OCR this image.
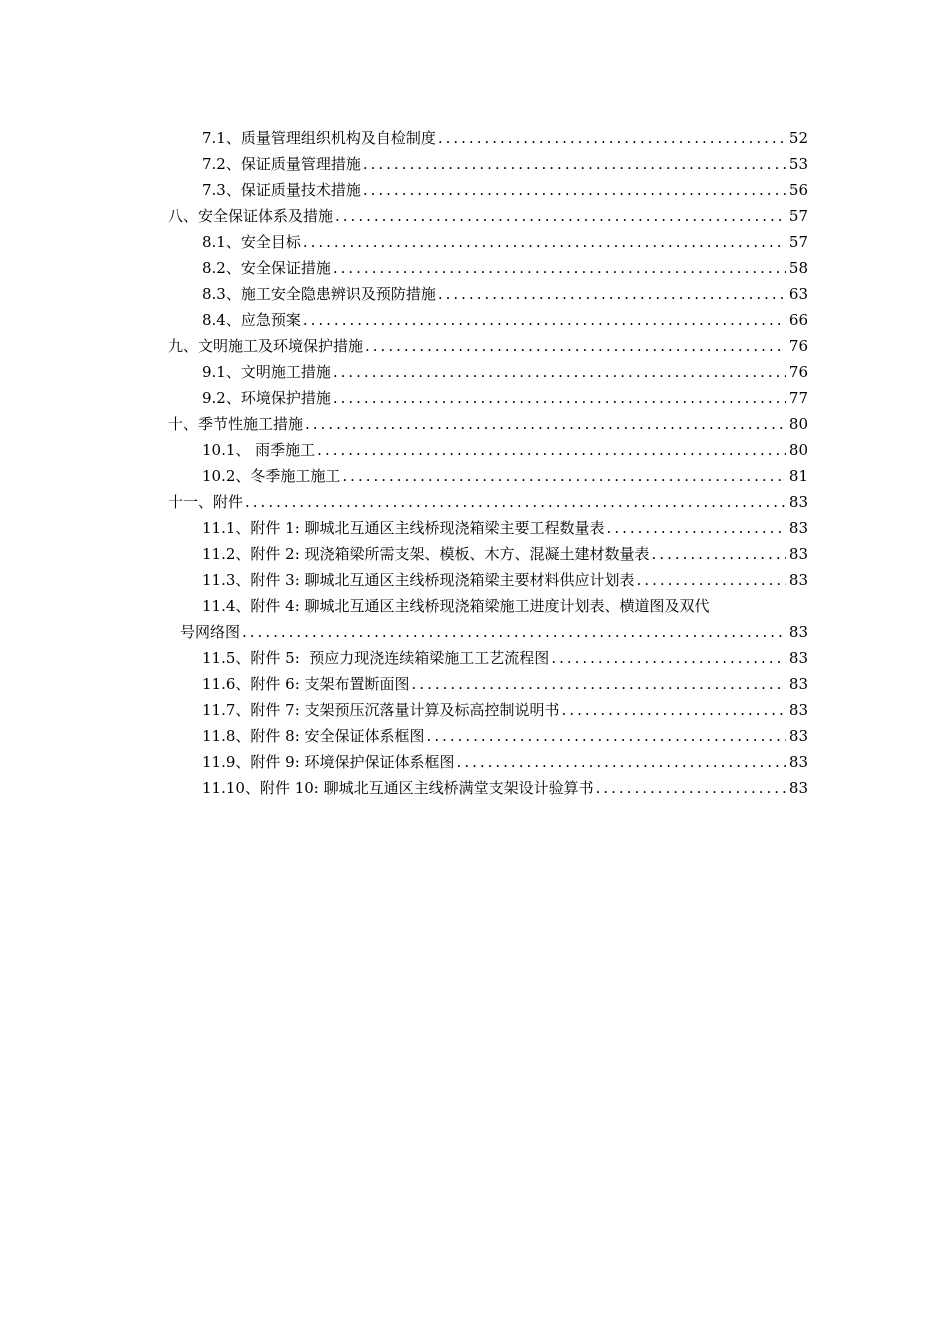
7.1、质量管理组织机构及自检制度 .....	52
7.2、保证质量管理措施 .....	53
7.3、保证质量技术措施 .....	56
八、安全保证体系及措施 .....	57
8.1、安全目标 .....	57
8.2、安全保证措施 .....	58
8.3、施工安全隐患辨识及预防措施 .....	63
8.4、应急预案 .....	66
九、文明施工及环境保护措施 .....	76
9.1、文明施工措施 .....	76
9.2、环境保护措施 .....	77
十、季节性施工措施 .....	80
10.1、 雨季施工 .....	80
10.2、冬季施工施工 .....	81
十一、附件 .....	83
11.1、附件 1: 聊城北互通区主线桥现浇箱梁主要工程数量表 .....	83
11.2、附件 2: 现浇箱梁所需支架、模板、木方、混凝土建材数量表 .....	83
11.3、附件 3: 聊城北互通区主线桥现浇箱梁主要材料供应计划表 .....	83
11.4、附件 4: 聊城北互通区主线桥现浇箱梁施工进度计划表、横道图及双代
号网络图 .....	83
11.5、附件 5:  预应力现浇连续箱梁施工工艺流程图 .....	83
11.6、附件 6: 支架布置断面图 .....	83
11.7、附件 7: 支架预压沉落量计算及标高控制说明书 .....	83
11.8、附件 8: 安全保证体系框图 .....	83
11.9、附件 9: 环境保护保证体系框图 .....	83
11.10、附件 10: 聊城北互通区主线桥满堂支架设计验算书 .....	83
